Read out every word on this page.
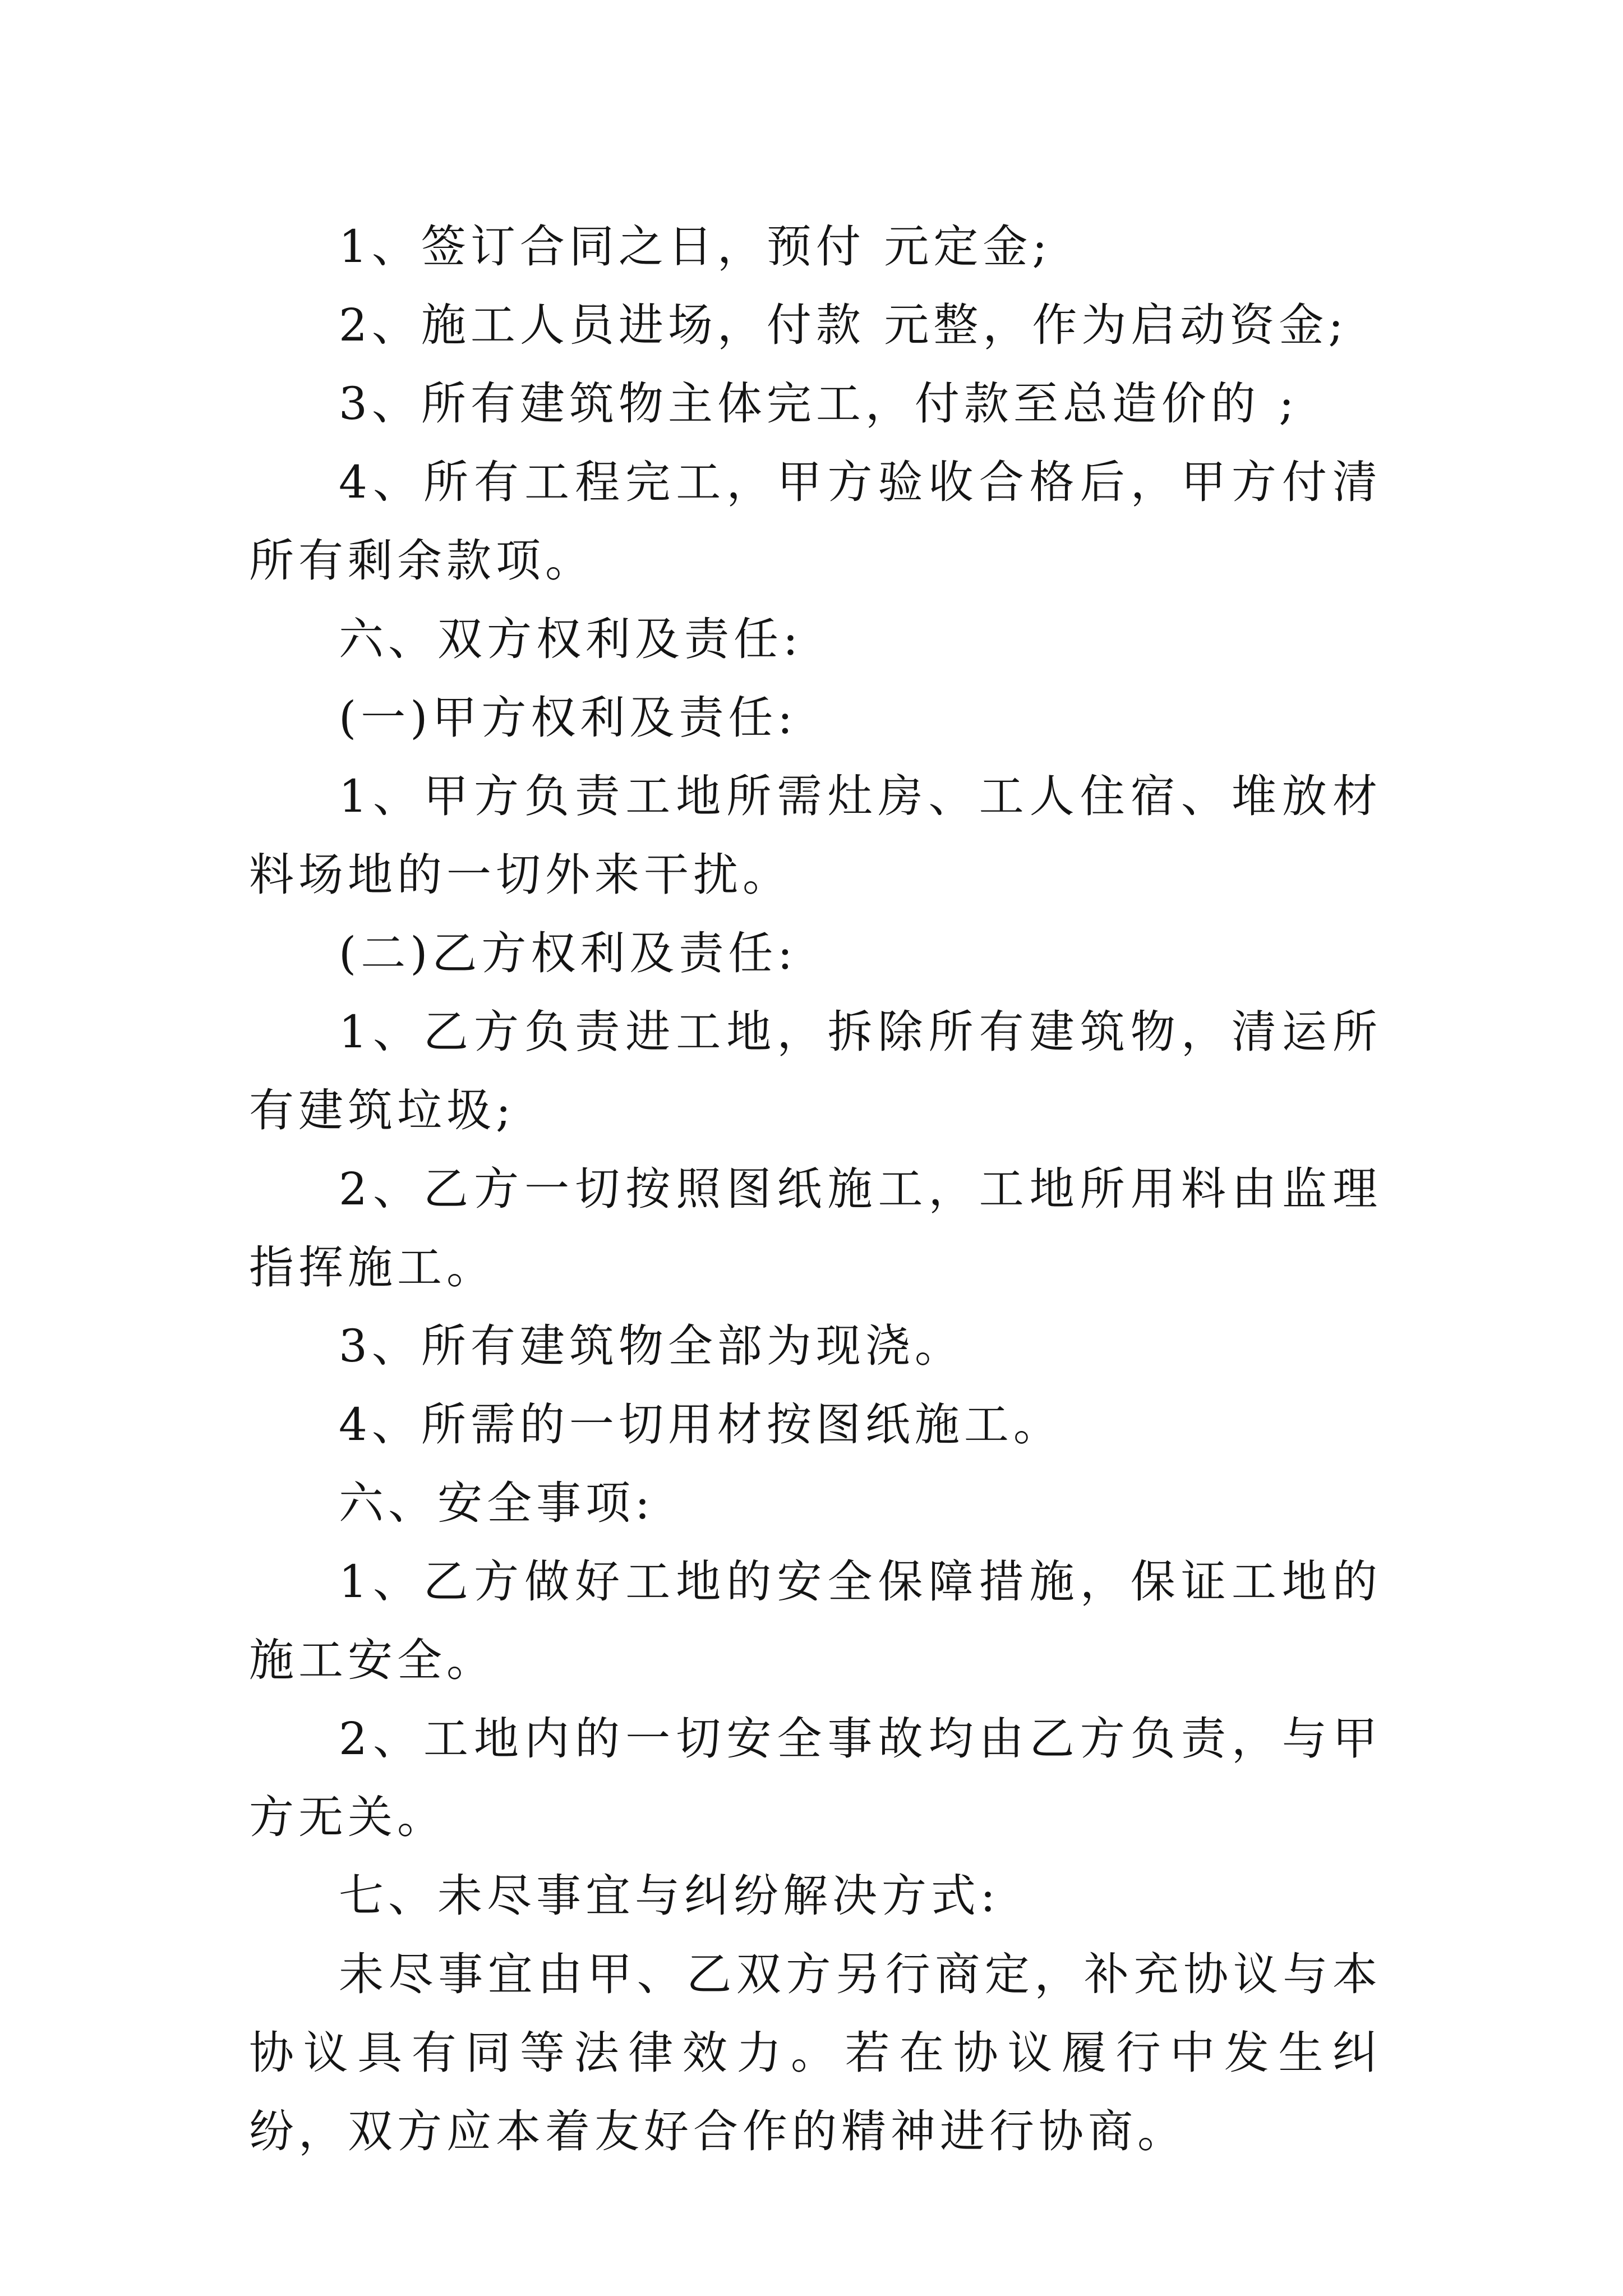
1、签订合同之日，预付 元定金;

2、施工人员进场，付款 元整，作为启动资金;

3、所有建筑物主体完工，付款至总造价的 ;

4、所有工程完工，甲方验收合格后，甲方付清所有剩余款项。

六、双方权利及责任:

(一)甲方权利及责任:

1、甲方负责工地所需灶房、工人住宿、堆放材料场地的一切外来干扰。

(二)乙方权利及责任:

1、乙方负责进工地，拆除所有建筑物，清运所有建筑垃圾;

2、乙方一切按照图纸施工，工地所用料由监理指挥施工。

3、所有建筑物全部为现浇。

4、所需的一切用材按图纸施工。

六、安全事项:

1、乙方做好工地的安全保障措施，保证工地的施工安全。

2、工地内的一切安全事故均由乙方负责，与甲方无关。

七、未尽事宜与纠纷解决方式:

未尽事宜由甲、乙双方另行商定，补充协议与本协议具有同等法律效力。若在协议履行中发生纠纷，双方应本着友好合作的精神进行协商。
